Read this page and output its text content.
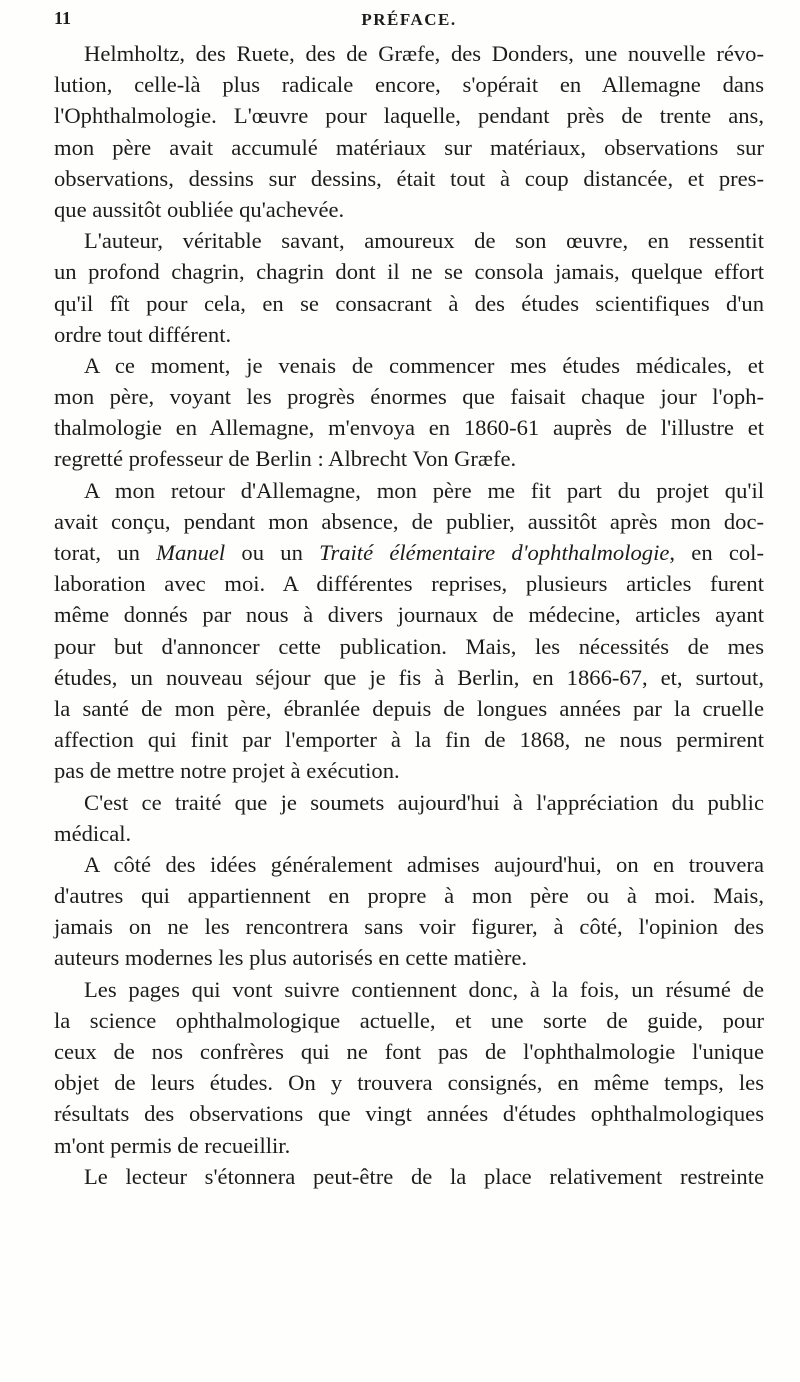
11	PRÉFACE.
Helmholtz, des Ruete, des de Græfe, des Donders, une nouvelle révo-
lution, celle-là plus radicale encore, s'opérait en Allemagne dans
l'Ophthalmologie. L'œuvre pour laquelle, pendant près de trente ans,
mon père avait accumulé matériaux sur matériaux, observations sur
observations, dessins sur dessins, était tout à coup distancée, et pres-
que aussitôt oubliée qu'achevée.
L'auteur, véritable savant, amoureux de son œuvre, en ressentit
un profond chagrin, chagrin dont il ne se consola jamais, quelque effort
qu'il fît pour cela, en se consacrant à des études scientifiques d'un
ordre tout différent.
A ce moment, je venais de commencer mes études médicales, et
mon père, voyant les progrès énormes que faisait chaque jour l'oph-
thalmologie en Allemagne, m'envoya en 1860-61 auprès de l'illustre et
regretté professeur de Berlin : Albrecht Von Græfe.
A mon retour d'Allemagne, mon père me fit part du projet qu'il
avait conçu, pendant mon absence, de publier, aussitôt après mon doc-
torat, un Manuel ou un Traité élémentaire d'ophthalmologie, en col-
laboration avec moi. A différentes reprises, plusieurs articles furent
même donnés par nous à divers journaux de médecine, articles ayant
pour but d'annoncer cette publication. Mais, les nécessités de mes
études, un nouveau séjour que je fis à Berlin, en 1866-67, et, surtout,
la santé de mon père, ébranlée depuis de longues années par la cruelle
affection qui finit par l'emporter à la fin de 1868, ne nous permirent
pas de mettre notre projet à exécution.
C'est ce traité que je soumets aujourd'hui à l'appréciation du public
médical.
A côté des idées généralement admises aujourd'hui, on en trouvera
d'autres qui appartiennent en propre à mon père ou à moi. Mais,
jamais on ne les rencontrera sans voir figurer, à côté, l'opinion des
auteurs modernes les plus autorisés en cette matière.
Les pages qui vont suivre contiennent donc, à la fois, un résumé de
la science ophthalmologique actuelle, et une sorte de guide, pour
ceux de nos confrères qui ne font pas de l'ophthalmologie l'unique
objet de leurs études. On y trouvera consignés, en même temps, les
résultats des observations que vingt années d'études ophthalmologiques
m'ont permis de recueillir.
Le lecteur s'étonnera peut-être de la place relativement restreinte
